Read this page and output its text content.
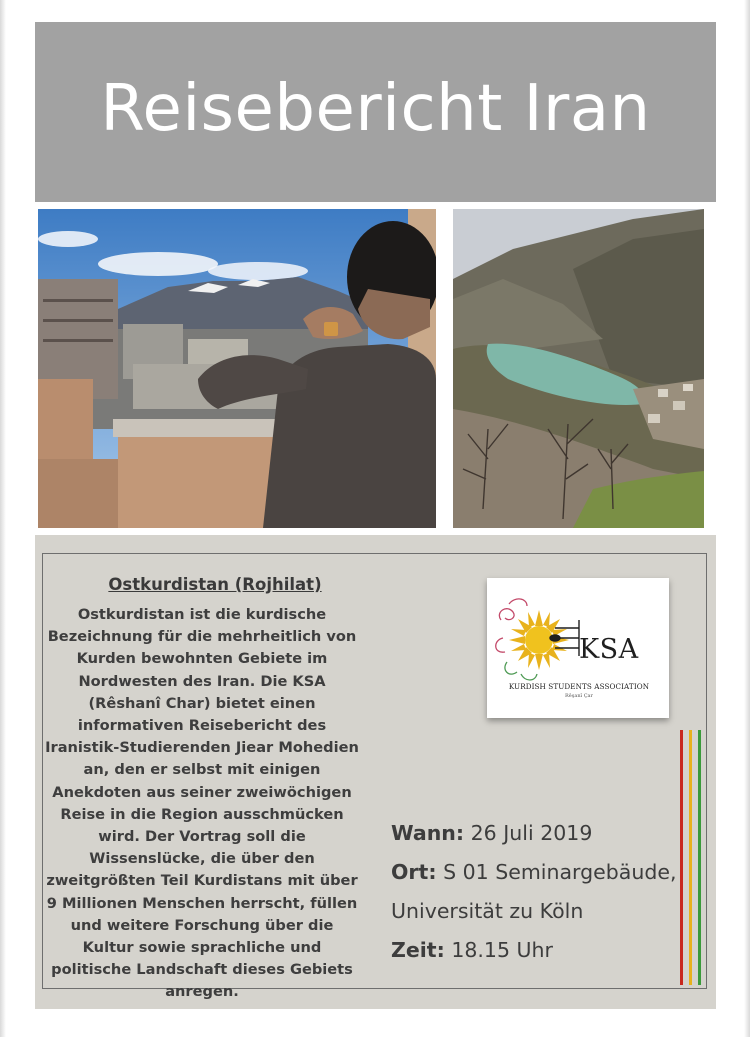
Reisebericht Iran
Ostkurdistan (Rojhilat)

Ostkurdistan ist die kurdische Bezeichnung für die mehrheitlich von Kurden bewohnten Gebiete im Nordwesten des Iran. Die KSA (Rêshanî Char) bietet einen informativen Reisebericht des Iranistik-Studierenden Jiear Mohedien an, den er selbst mit einigen Anekdoten aus seiner zweiwöchigen Reise in die Region ausschmücken wird. Der Vortrag soll die Wissenslücke, die über den zweitgrößten Teil Kurdistans mit über 9 Millionen Menschen herrscht, füllen und weitere Forschung über die Kultur sowie sprachliche und politische Landschaft dieses Gebiets anregen.

KSA
KURDISH STUDENTS ASSOCIATION
Rêşanî Çar
Wann: 26 Juli 2019
Ort: S 01 Seminargebäude,
Universität zu Köln
Zeit: 18.15 Uhr
